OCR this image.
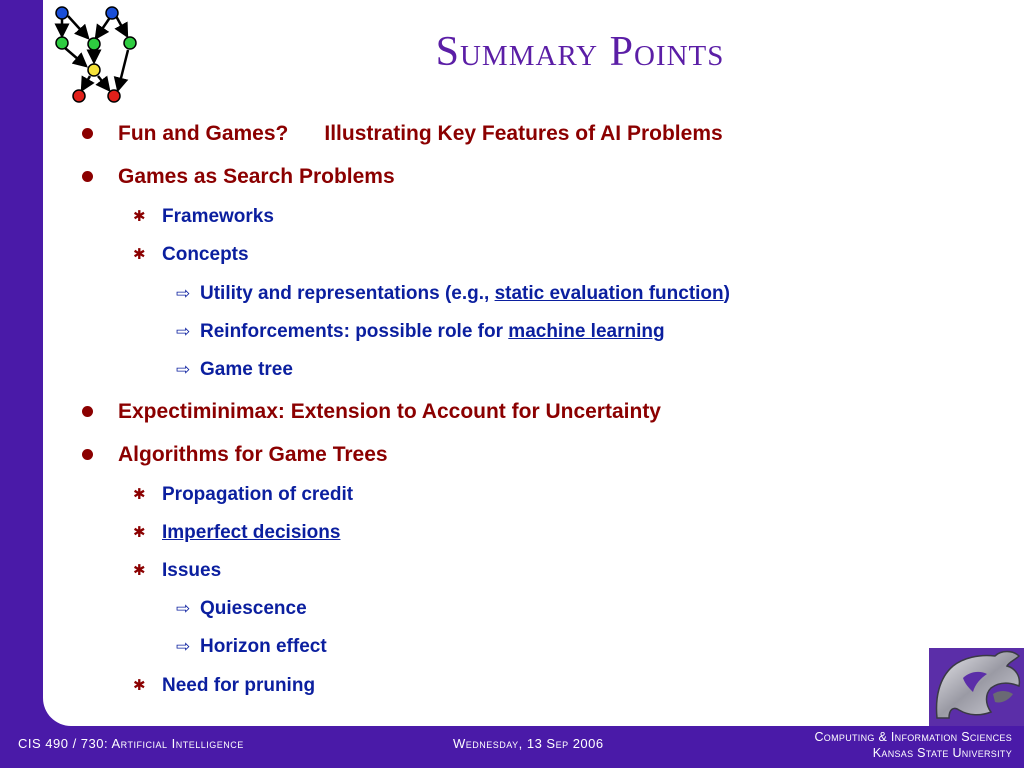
Summary Points
Fun and Games? Illustrating Key Features of AI Problems
Games as Search Problems
✱ Frameworks
✱ Concepts
⇨ Utility and representations (e.g., static evaluation function)
⇨ Reinforcements: possible role for machine learning
⇨ Game tree
Expectiminimax: Extension to Account for Uncertainty
Algorithms for Game Trees
✱ Propagation of credit
✱ Imperfect decisions
✱ Issues
⇨ Quiescence
⇨ Horizon effect
✱ Need for pruning
CIS 490 / 730: Artificial Intelligence	Wednesday, 13 Sep 2006	Computing & Information Sciences
Kansas State University
